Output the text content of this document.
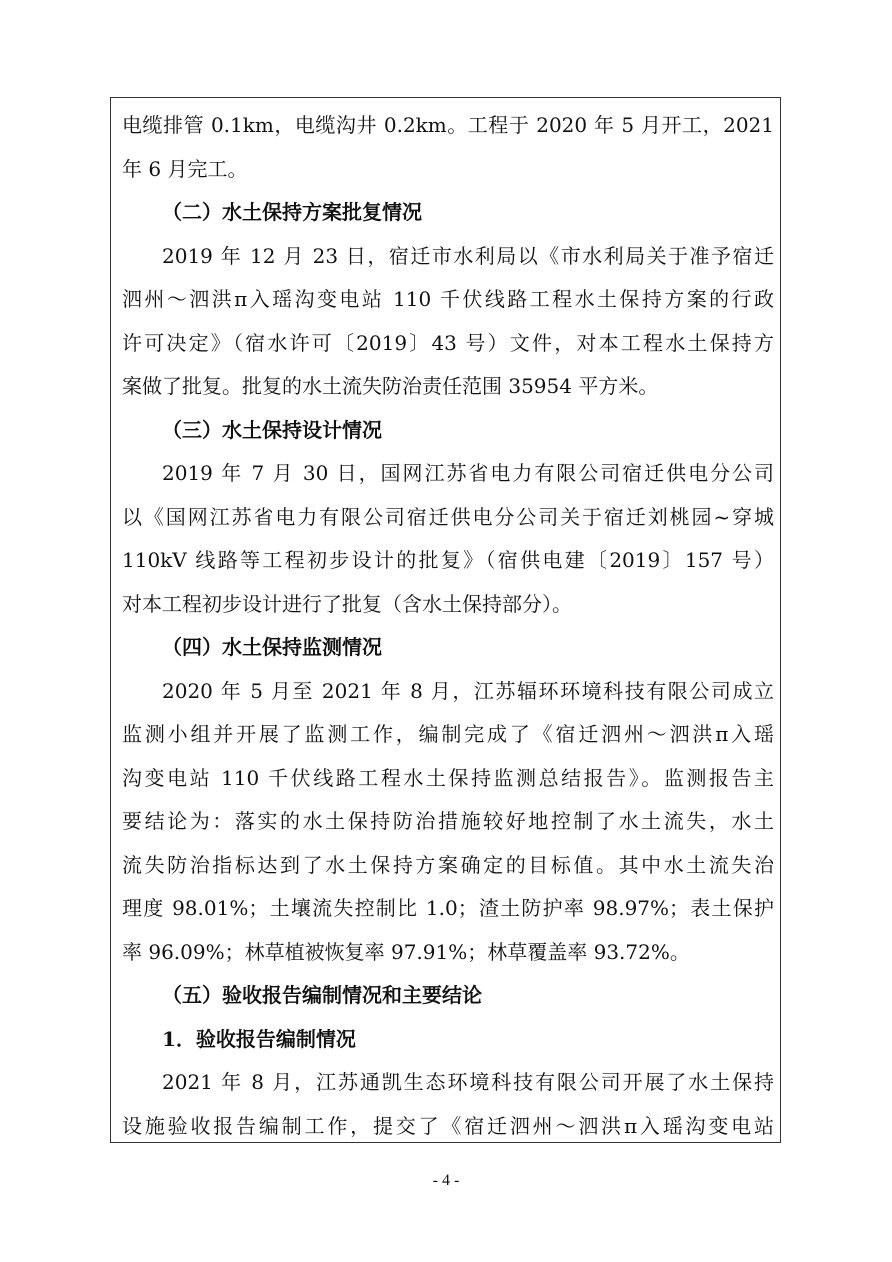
电缆排管 0.1km，电缆沟井 0.2km。工程于 2020 年 5 月开工，2021
年 6 月完工。
（二）水土保持方案批复情况
2019 年 12 月 23 日，宿迁市水利局以《市水利局关于准予宿迁
泗州～泗洪π入瑶沟变电站 110 千伏线路工程水土保持方案的行政
许可决定》（宿水许可〔2019〕43 号）文件，对本工程水土保持方
案做了批复。批复的水土流失防治责任范围 35954 平方米。
（三）水土保持设计情况
2019 年 7 月 30 日，国网江苏省电力有限公司宿迁供电分公司
以《国网江苏省电力有限公司宿迁供电分公司关于宿迁刘桃园~穿城
110kV 线路等工程初步设计的批复》（宿供电建〔2019〕157 号）
对本工程初步设计进行了批复（含水土保持部分）。
（四）水土保持监测情况
2020 年 5 月至 2021 年 8 月，江苏辐环环境科技有限公司成立
监测小组并开展了监测工作，编制完成了《宿迁泗州～泗洪π入瑶
沟变电站 110 千伏线路工程水土保持监测总结报告》。监测报告主
要结论为：落实的水土保持防治措施较好地控制了水土流失，水土
流失防治指标达到了水土保持方案确定的目标值。其中水土流失治
理度 98.01%；土壤流失控制比 1.0；渣土防护率 98.97%；表土保护
率 96.09%；林草植被恢复率 97.91%；林草覆盖率 93.72%。
（五）验收报告编制情况和主要结论
1．验收报告编制情况
2021 年 8 月，江苏通凯生态环境科技有限公司开展了水土保持
设施验收报告编制工作，提交了《宿迁泗州～泗洪π入瑶沟变电站
- 4 -
